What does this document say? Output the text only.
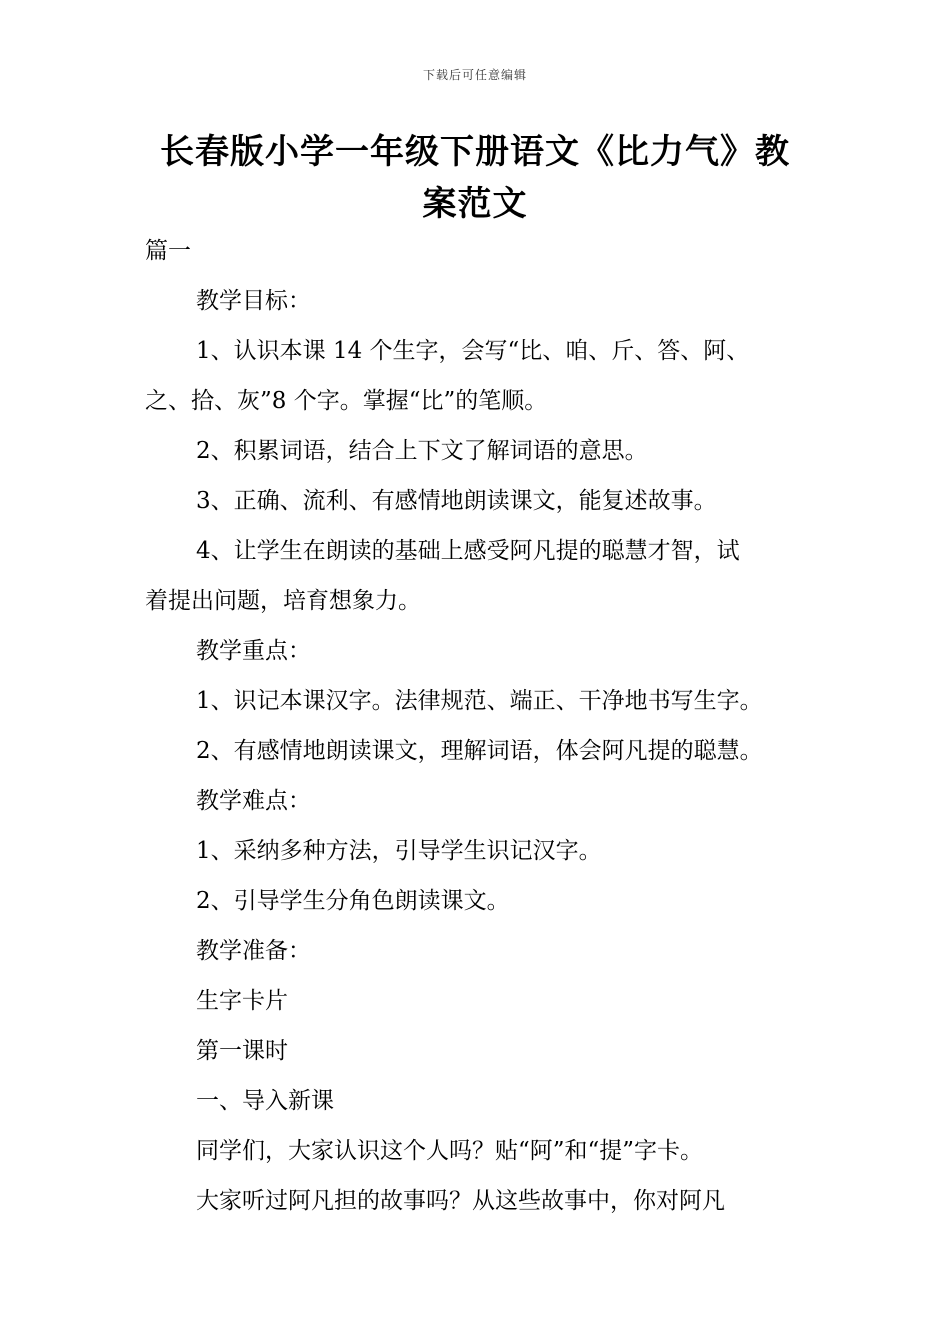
下载后可任意编辑
长春版小学一年级下册语文《比力气》教
案范文
篇一
教学目标：
1、认识本课 14 个生字，会写“比、咱、斤、答、阿、
之、拾、灰”8 个字。掌握“比”的笔顺。
2、积累词语，结合上下文了解词语的意思。
3、正确、流利、有感情地朗读课文，能复述故事。
4、让学生在朗读的基础上感受阿凡提的聪慧才智，试
着提出问题，培育想象力。
教学重点：
1、识记本课汉字。法律规范、端正、干净地书写生字。
2、有感情地朗读课文，理解词语，体会阿凡提的聪慧。
教学难点：
1、采纳多种方法，引导学生识记汉字。
2、引导学生分角色朗读课文。
教学准备：
生字卡片
第一课时
一、导入新课
同学们，大家认识这个人吗？贴“阿”和“提”字卡。
大家听过阿凡担的故事吗？从这些故事中，你对阿凡
